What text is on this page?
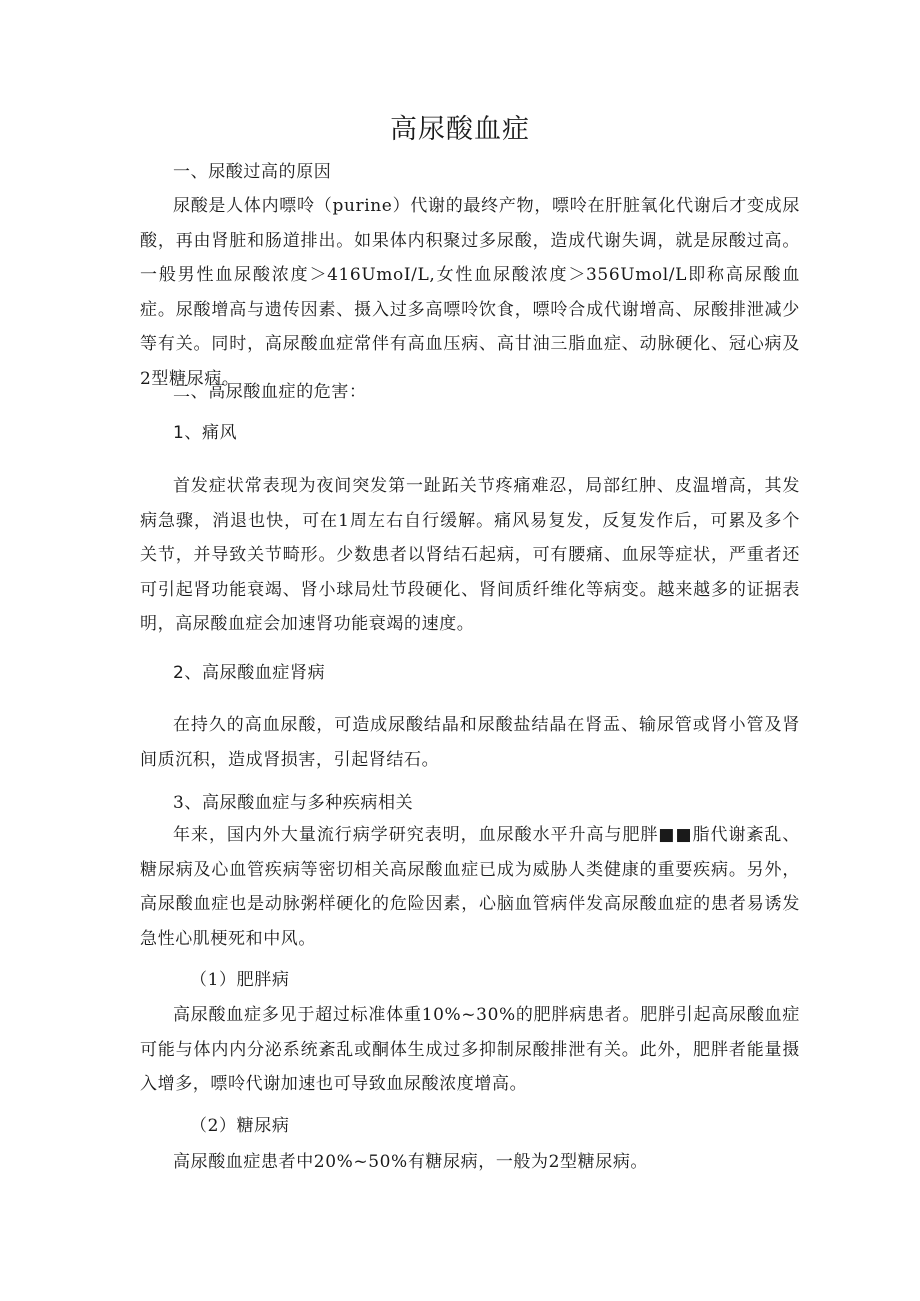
高尿酸血症
一、尿酸过高的原因

尿酸是人体内嘌呤（purine）代谢的最终产物，嘌呤在肝脏氧化代谢后才变成尿酸，再由肾脏和肠道排出。如果体内积聚过多尿酸，造成代谢失调，就是尿酸过高。一般男性血尿酸浓度＞416UmoI/L,女性血尿酸浓度＞356Umol/L即称高尿酸血症。尿酸增高与遗传因素、摄入过多高嘌呤饮食，嘌呤合成代谢增高、尿酸排泄减少等有关。同时，高尿酸血症常伴有高血压病、高甘油三脂血症、动脉硬化、冠心病及2型糖尿病。

二、高尿酸血症的危害：
1、痛风

首发症状常表现为夜间突发第一趾跖关节疼痛难忍，局部红肿、皮温增高，其发病急骤，消退也快，可在1周左右自行缓解。痛风易复发，反复发作后，可累及多个关节，并导致关节畸形。少数患者以肾结石起病，可有腰痛、血尿等症状，严重者还可引起肾功能衰竭、肾小球局灶节段硬化、肾间质纤维化等病变。越来越多的证据表明，高尿酸血症会加速肾功能衰竭的速度。

2、高尿酸血症肾病

在持久的高血尿酸，可造成尿酸结晶和尿酸盐结晶在肾盂、输尿管或肾小管及肾间质沉积，造成肾损害，引起肾结石。

3、高尿酸血症与多种疾病相关

年来，国内外大量流行病学研究表明，血尿酸水平升高与肥胖■■脂代谢紊乱、糖尿病及心血管疾病等密切相关高尿酸血症已成为威胁人类健康的重要疾病。另外，高尿酸血症也是动脉粥样硬化的危险因素，心脑血管病伴发高尿酸血症的患者易诱发急性心肌梗死和中风。

（1）肥胖病

高尿酸血症多见于超过标准体重10%~30%的肥胖病患者。肥胖引起高尿酸血症可能与体内内分泌系统紊乱或酮体生成过多抑制尿酸排泄有关。此外，肥胖者能量摄入增多，嘌呤代谢加速也可导致血尿酸浓度增高。

（2）糖尿病

高尿酸血症患者中20%~50%有糖尿病，一般为2型糖尿病。
